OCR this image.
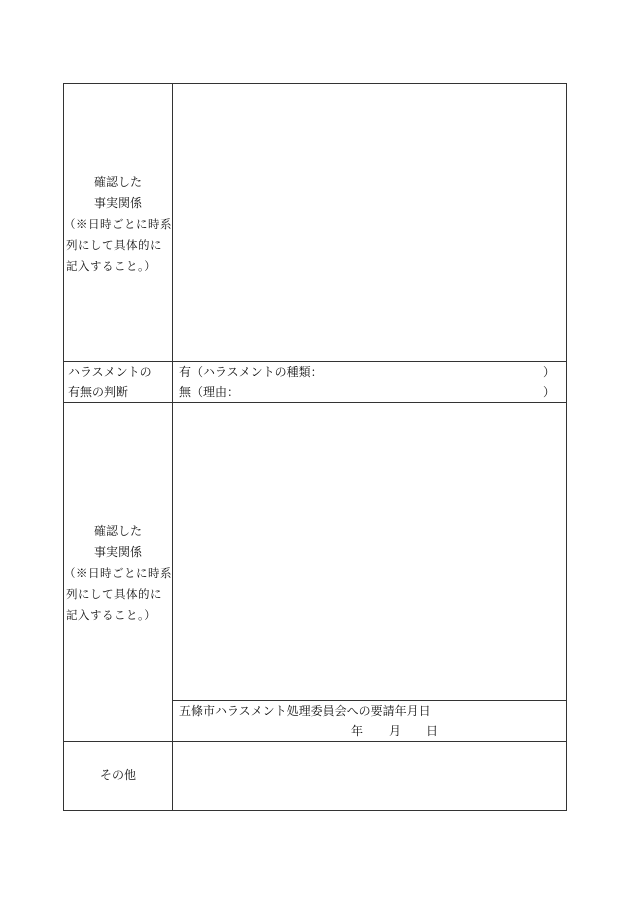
確認した
事実関係
（※日時ごとに時系
列にして具体的に
記入すること。）
ハラスメントの
有無の判断
有（ハラスメントの種類：	）
無（理由：	）
確認した
事実関係
（※日時ごとに時系
列にして具体的に
記入すること。）
五條市ハラスメント処理委員会への要請年月日
年 月 日
その他
